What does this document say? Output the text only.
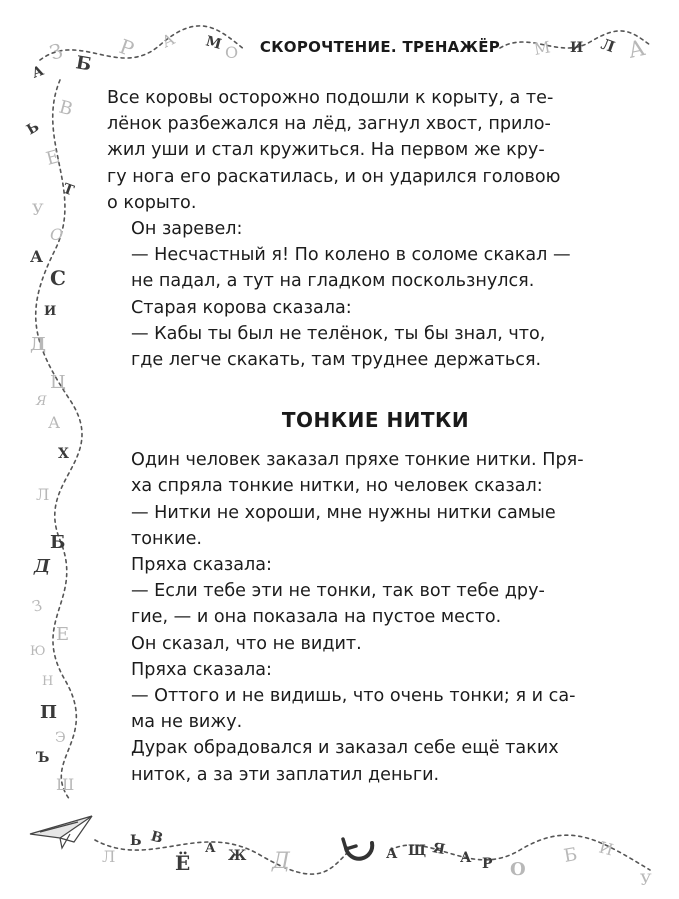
З Б
Р А М О	М И Л А
А
Ь
В
Е
Т
У
О
А
С
И
Д
Ц
Я
А
Х
Л
Б
Д
З
Е
Ю
Н
П
Э
Ъ
Ш
Л
Ь В
Ё
А Ж Д	А Щ Я А Р О
Б И
У
СКОРОЧТЕНИЕ. ТРЕНАЖЁР

Все коровы осторожно подошли к корыту, а те-
лёнок разбежался на лёд, загнул хвост, прило-
жил уши и стал кружиться. На первом же кру-
гу нога его раскатилась, и он ударился головою
о корыто.

Он заревел:

— Несчастный я! По колено в соломе скакал —
не падал, а тут на гладком поскользнулся.

Старая корова сказала:

— Кабы ты был не телёнок, ты бы знал, что,
где легче скакать, там труднее держаться.

ТОНКИЕ НИТКИ

Один человек заказал пряхе тонкие нитки. Пря-
ха спряла тонкие нитки, но человек сказал:

— Нитки не хороши, мне нужны нитки самые
тонкие.

Пряха сказала:

— Если тебе эти не тонки, так вот тебе дру-
гие, — и она показала на пустое место.

Он сказал, что не видит.

Пряха сказала:

— Оттого и не видишь, что очень тонки; я и са-
ма не вижу.

Дурак обрадовался и заказал себе ещё таких
ниток, а за эти заплатил деньги.
